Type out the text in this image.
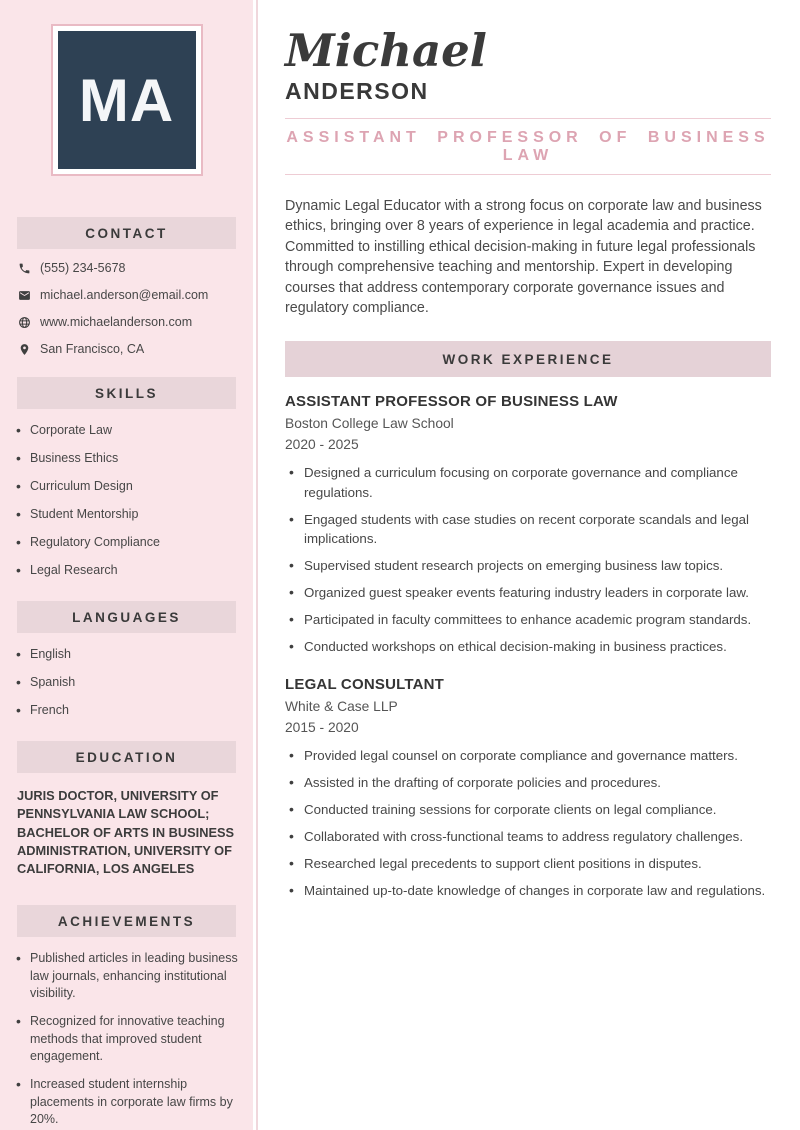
MA
CONTACT
(555) 234-5678
michael.anderson@email.com
www.michaelanderson.com
San Francisco, CA
SKILLS
• Corporate Law
• Business Ethics
• Curriculum Design
• Student Mentorship
• Regulatory Compliance
• Legal Research
LANGUAGES
• English
• Spanish
• French
EDUCATION
JURIS DOCTOR, UNIVERSITY OF PENNSYLVANIA LAW SCHOOL; BACHELOR OF ARTS IN BUSINESS ADMINISTRATION, UNIVERSITY OF CALIFORNIA, LOS ANGELES
ACHIEVEMENTS
• Published articles in leading business law journals, enhancing institutional visibility.
• Recognized for innovative teaching methods that improved student engagement.
• Increased student internship placements in corporate law firms by 20%.
Michael
ANDERSON
ASSISTANT PROFESSOR OF BUSINESS LAW

Dynamic Legal Educator with a strong focus on corporate law and business ethics, bringing over 8 years of experience in legal academia and practice. Committed to instilling ethical decision-making in future legal professionals through comprehensive teaching and mentorship. Expert in developing courses that address contemporary corporate governance issues and regulatory compliance.

WORK EXPERIENCE
ASSISTANT PROFESSOR OF BUSINESS LAW
Boston College Law School
2020 - 2025
• Designed a curriculum focusing on corporate governance and compliance regulations.
• Engaged students with case studies on recent corporate scandals and legal implications.
• Supervised student research projects on emerging business law topics.
• Organized guest speaker events featuring industry leaders in corporate law.
• Participated in faculty committees to enhance academic program standards.
• Conducted workshops on ethical decision-making in business practices.
LEGAL CONSULTANT
White & Case LLP
2015 - 2020
• Provided legal counsel on corporate compliance and governance matters.
• Assisted in the drafting of corporate policies and procedures.
• Conducted training sessions for corporate clients on legal compliance.
• Collaborated with cross-functional teams to address regulatory challenges.
• Researched legal precedents to support client positions in disputes.
• Maintained up-to-date knowledge of changes in corporate law and regulations.
